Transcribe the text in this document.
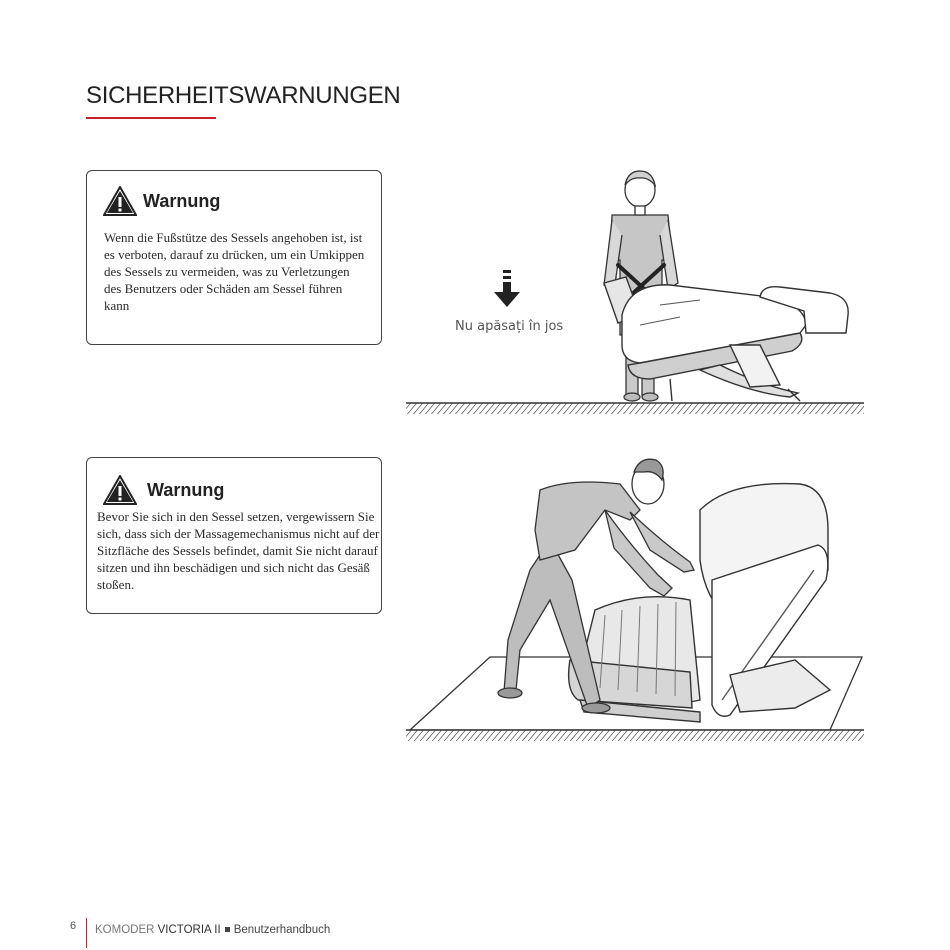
SICHERHEITSWARNUNGEN
Warnung

Wenn die Fußstütze des Sessels angehoben ist, ist es verboten, darauf zu drücken, um ein Umkippen des Sessels zu vermeiden, was zu Verletzungen des Benutzers oder Schäden am Sessel führen kann

Warnung

Bevor Sie sich in den Sessel setzen, vergewissern Sie sich, dass sich der Massagemechanismus nicht auf der Sitzfläche des Sessels befindet, damit Sie nicht darauf sitzen und ihn beschädigen und sich nicht das Gesäß stoßen.

Nu apăsați în jos
6 KOMODER VICTORIA II Benutzerhandbuch
